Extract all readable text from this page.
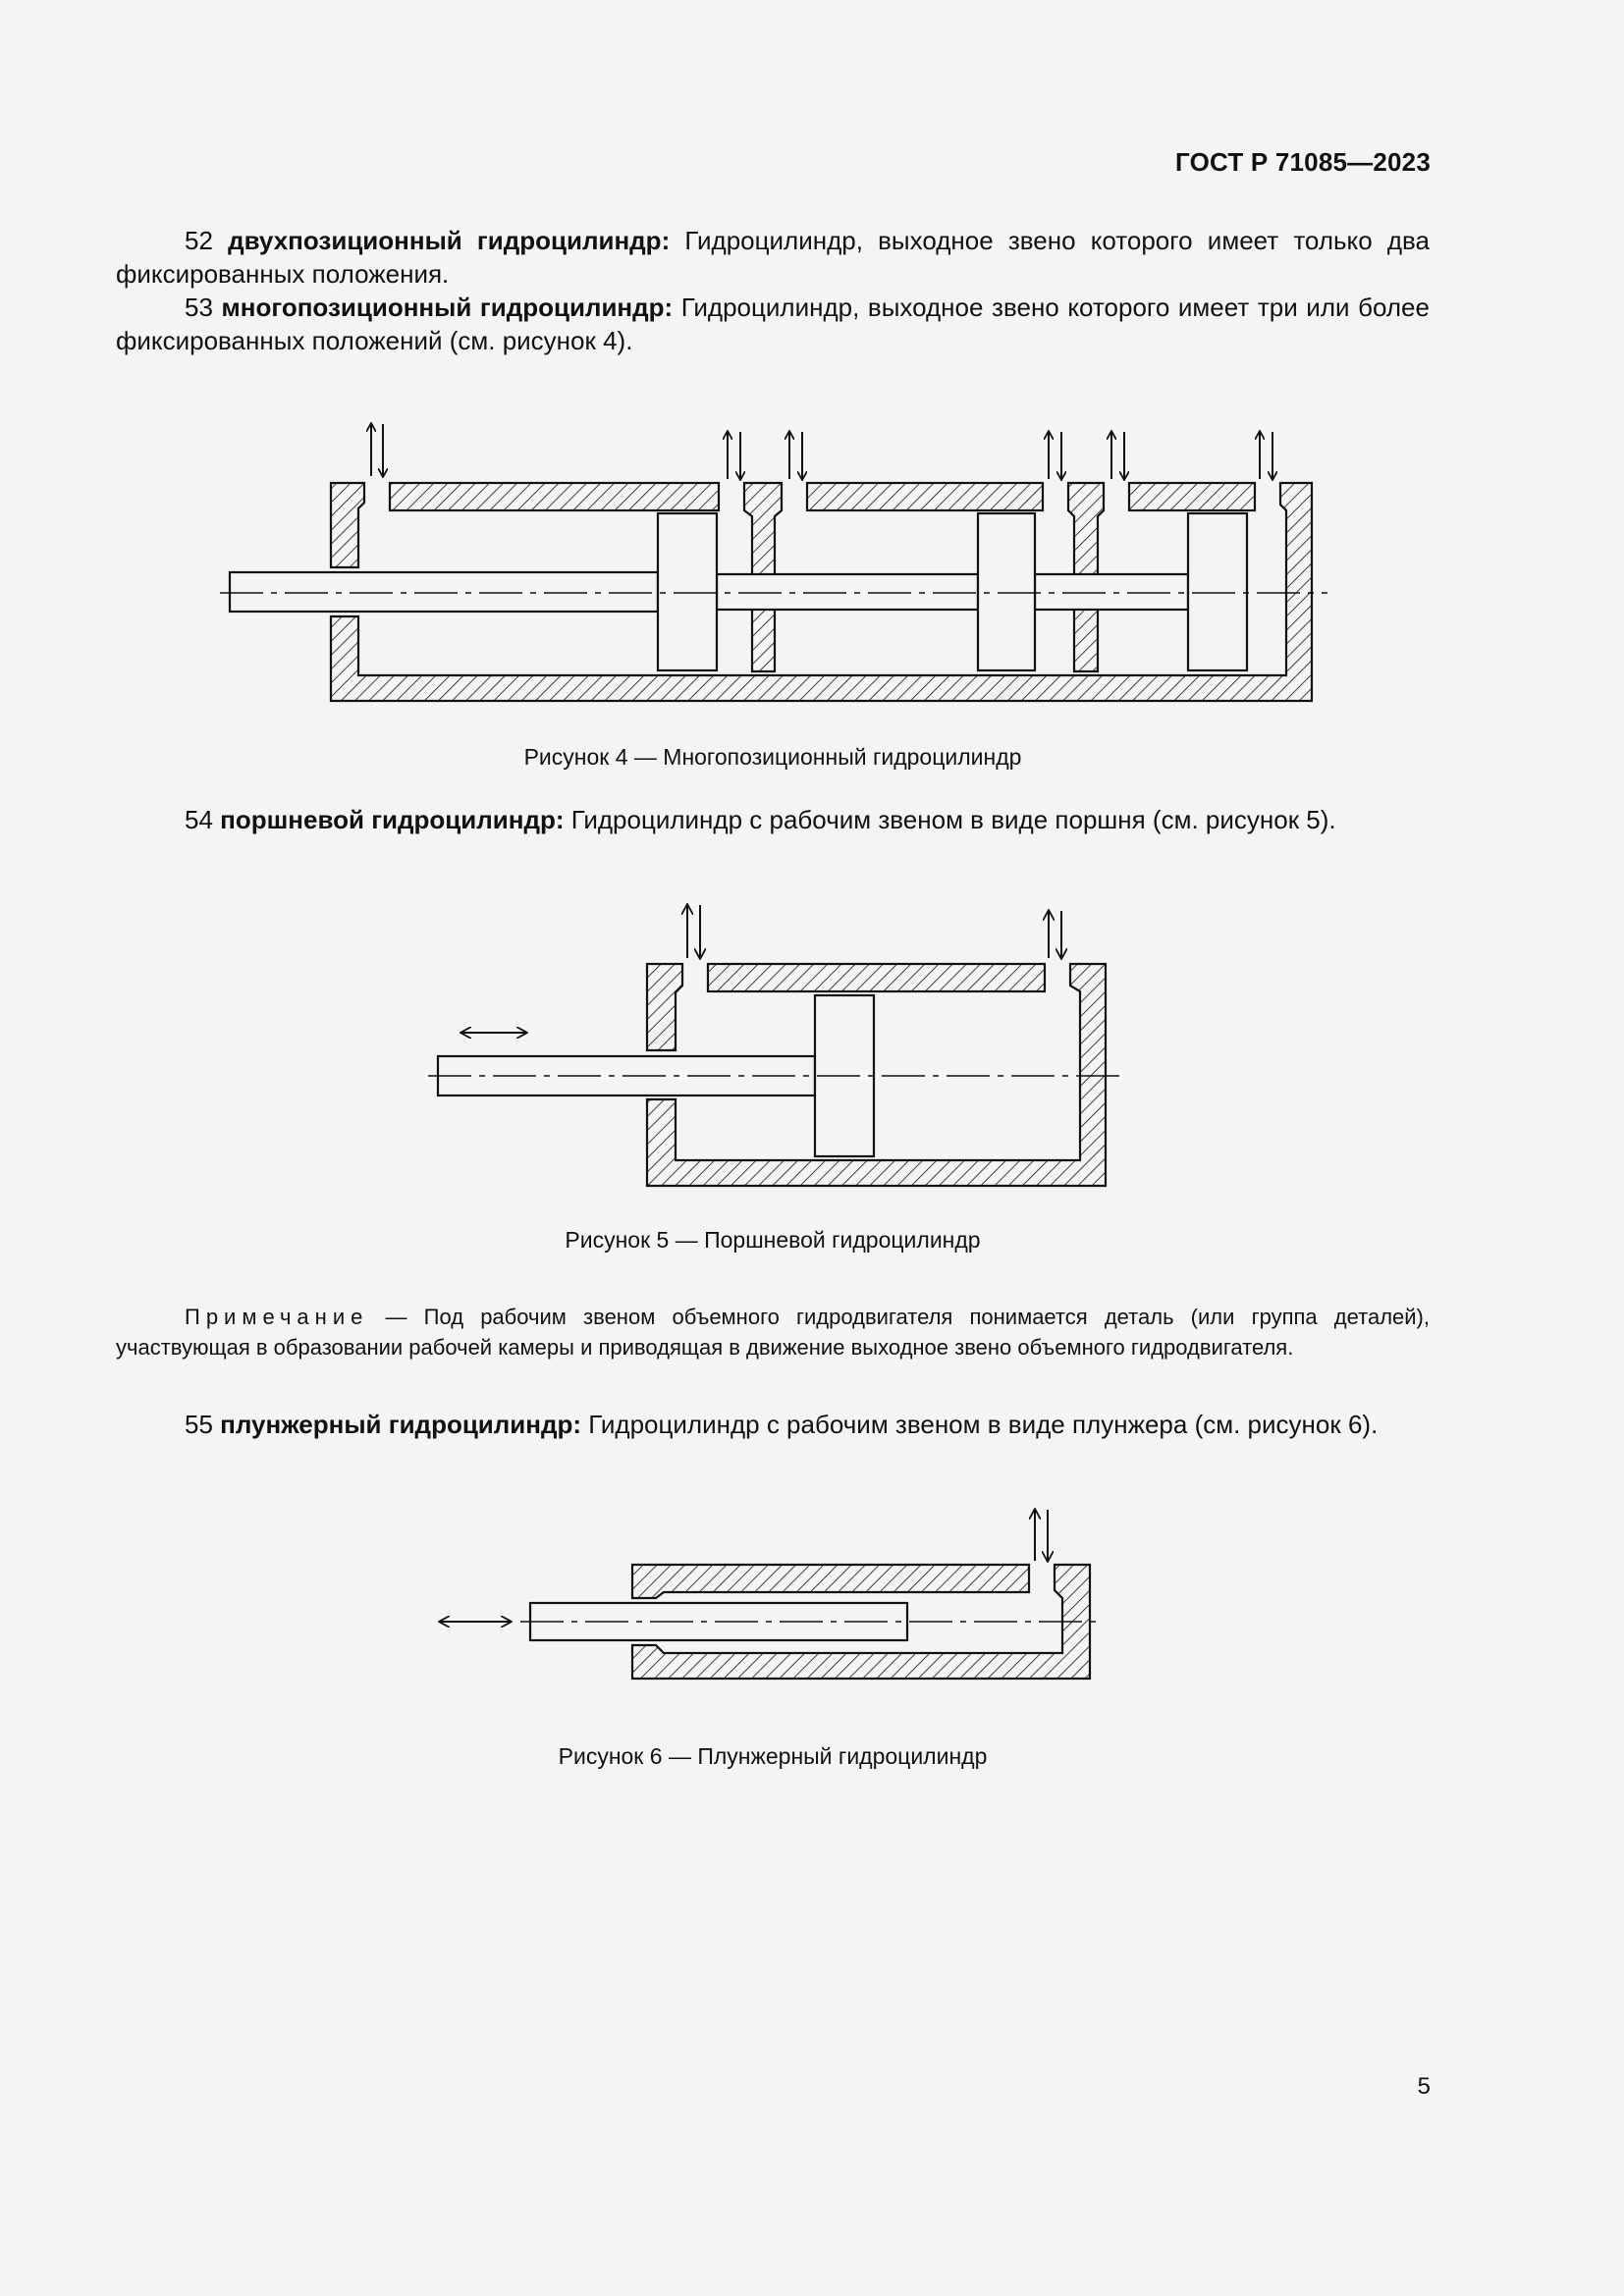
ГОСТ Р 71085—2023
52 двухпозиционный гидроцилиндр: Гидроцилиндр, выходное звено которого имеет только два фиксированных положения.
53 многопозиционный гидроцилиндр: Гидроцилиндр, выходное звено которого имеет три или более фиксированных положений (см. рисунок 4).
Рисунок 4 — Многопозиционный гидроцилиндр
54 поршневой гидроцилиндр: Гидроцилиндр с рабочим звеном в виде поршня (см. рисунок 5).
Рисунок 5 — Поршневой гидроцилиндр
Примечание — Под рабочим звеном объемного гидродвигателя понимается деталь (или группа деталей), участвующая в образовании рабочей камеры и приводящая в движение выходное звено объемного гидродвигателя.
55 плунжерный гидроцилиндр: Гидроцилиндр с рабочим звеном в виде плунжера (см. рисунок 6).
Рисунок 6 — Плунжерный гидроцилиндр
5
